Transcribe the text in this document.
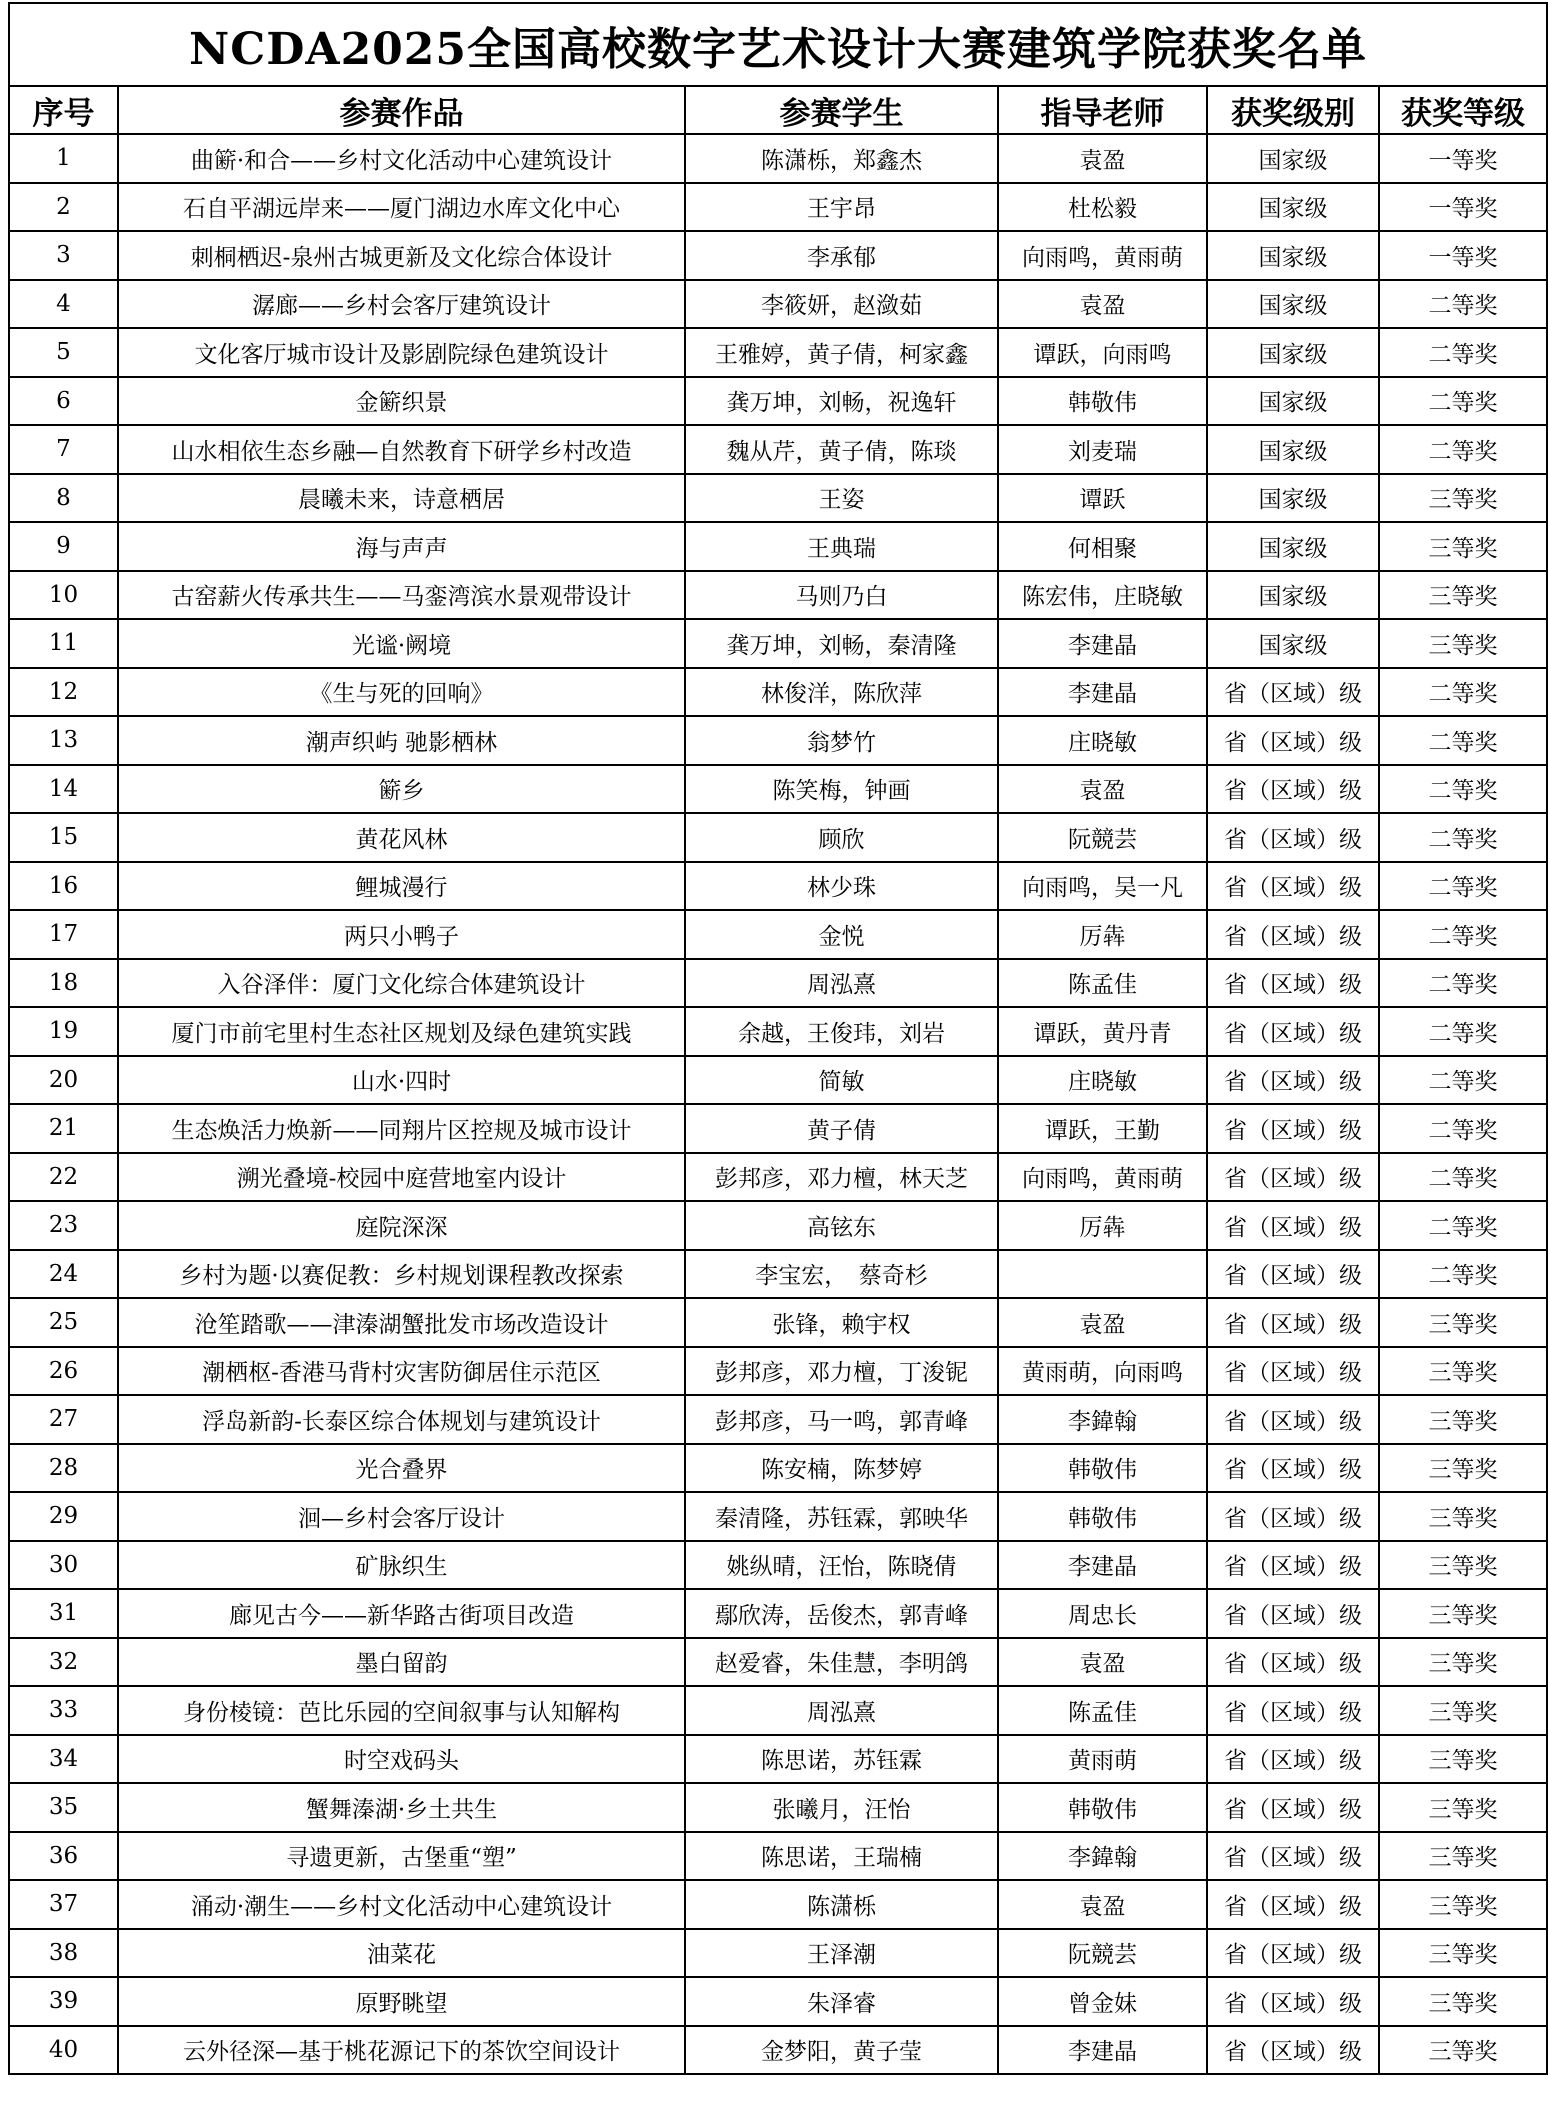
NCDA2025全国高校数字艺术设计大赛建筑学院获奖名单					
序号	参赛作品	参赛学生	指导老师	获奖级别	获奖等级
1	曲簖·和合——乡村文化活动中心建筑设计	陈潇栎，郑鑫杰	袁盈	国家级	一等奖
2	石自平湖远岸来——厦门湖边水库文化中心	王宇昂	杜松毅	国家级	一等奖
3	刺桐栖迟-泉州古城更新及文化综合体设计	李承郁	向雨鸣，黄雨萌	国家级	一等奖
4	潺廊——乡村会客厅建筑设计	李筱妍，赵潋茹	袁盈	国家级	二等奖
5	文化客厅城市设计及影剧院绿色建筑设计	王雅婷，黄子倩，柯家鑫	谭跃，向雨鸣	国家级	二等奖
6	金簖织景	龚万坤，刘畅，祝逸轩	韩敬伟	国家级	二等奖
7	山水相依生态乡融—自然教育下研学乡村改造	魏从芹，黄子倩，陈琰	刘麦瑞	国家级	二等奖
8	晨曦未来，诗意栖居	王姿	谭跃	国家级	三等奖
9	海与声声	王典瑞	何相聚	国家级	三等奖
10	古窑薪火传承共生——马銮湾滨水景观带设计	马则乃白	陈宏伟，庄晓敏	国家级	三等奖
11	光谧·阙境	龚万坤，刘畅，秦清隆	李建晶	国家级	三等奖
12	《生与死的回响》	林俊洋，陈欣萍	李建晶	省（区域）级	二等奖
13	潮声织屿 驰影栖林	翁梦竹	庄晓敏	省（区域）级	二等奖
14	簖乡	陈笑梅，钟画	袁盈	省（区域）级	二等奖
15	黄花风林	顾欣	阮競芸	省（区域）级	二等奖
16	鲤城漫行	林少珠	向雨鸣，吴一凡	省（区域）级	二等奖
17	两只小鸭子	金悦	厉犇	省（区域）级	二等奖
18	入谷泽伴：厦门文化综合体建筑设计	周泓熹	陈孟佳	省（区域）级	二等奖
19	厦门市前宅里村生态社区规划及绿色建筑实践	余越，王俊玮，刘岩	谭跃，黄丹青	省（区域）级	二等奖
20	山水·四时	简敏	庄晓敏	省（区域）级	二等奖
21	生态焕活力焕新——同翔片区控规及城市设计	黄子倩	谭跃，王勤	省（区域）级	二等奖
22	溯光叠境-校园中庭营地室内设计	彭邦彦，邓力檀，林天芝	向雨鸣，黄雨萌	省（区域）级	二等奖
23	庭院深深	高铉东	厉犇	省（区域）级	二等奖
24	乡村为题·以赛促教：乡村规划课程教改探索	李宝宏，　蔡奇杉		省（区域）级	二等奖
25	沧笙踏歌——津溱湖蟹批发市场改造设计	张锋，赖宇权	袁盈	省（区域）级	三等奖
26	潮栖枢-香港马背村灾害防御居住示范区	彭邦彦，邓力檀，丁浚铌	黄雨萌，向雨鸣	省（区域）级	三等奖
27	浮岛新韵-长泰区综合体规划与建筑设计	彭邦彦，马一鸣，郭青峰	李鍏翰	省（区域）级	三等奖
28	光合叠界	陈安楠，陈梦婷	韩敬伟	省（区域）级	三等奖
29	洄—乡村会客厅设计	秦清隆，苏钰霖，郭映华	韩敬伟	省（区域）级	三等奖
30	矿脉织生	姚纵晴，汪怡，陈晓倩	李建晶	省（区域）级	三等奖
31	廊见古今——新华路古街项目改造	鄢欣涛，岳俊杰，郭青峰	周忠长	省（区域）级	三等奖
32	墨白留韵	赵爱睿，朱佳慧，李明鸽	袁盈	省（区域）级	三等奖
33	身份棱镜：芭比乐园的空间叙事与认知解构	周泓熹	陈孟佳	省（区域）级	三等奖
34	时空戏码头	陈思诺，苏钰霖	黄雨萌	省（区域）级	三等奖
35	蟹舞溱湖·乡土共生	张曦月，汪怡	韩敬伟	省（区域）级	三等奖
36	寻遗更新，古堡重“塑”	陈思诺，王瑞楠	李鍏翰	省（区域）级	三等奖
37	涌动·潮生——乡村文化活动中心建筑设计	陈潇栎	袁盈	省（区域）级	三等奖
38	油菜花	王泽潮	阮競芸	省（区域）级	三等奖
39	原野眺望	朱泽睿	曾金妹	省（区域）级	三等奖
40	云外径深—基于桃花源记下的茶饮空间设计	金梦阳，黄子莹	李建晶	省（区域）级	三等奖
